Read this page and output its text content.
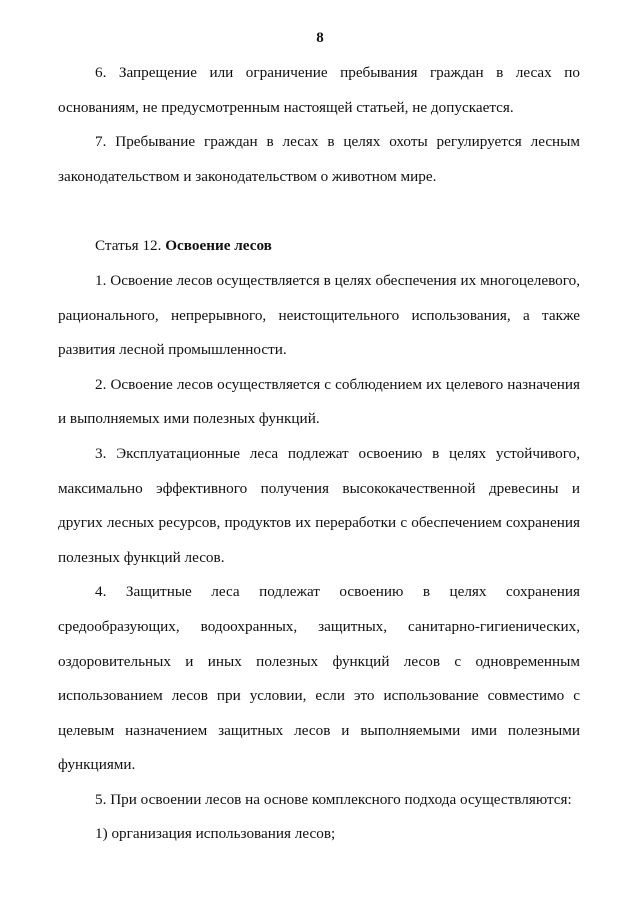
8

6. Запрещение или ограничение пребывания граждан в лесах по основаниям, не предусмотренным настоящей статьей, не допускается.

7. Пребывание граждан в лесах в целях охоты регулируется лесным законодательством и законодательством о животном мире.

Статья 12. Освоение лесов

1. Освоение лесов осуществляется в целях обеспечения их многоцелевого, рационального, непрерывного, неистощительного использования, а также развития лесной промышленности.

2. Освоение лесов осуществляется с соблюдением их целевого назначения и выполняемых ими полезных функций.

3. Эксплуатационные леса подлежат освоению в целях устойчивого, максимально эффективного получения высококачественной древесины и других лесных ресурсов, продуктов их переработки с обеспечением сохранения полезных функций лесов.

4. Защитные леса подлежат освоению в целях сохранения средообразующих, водоохранных, защитных, санитарно-гигиенических, оздоровительных и иных полезных функций лесов с одновременным использованием лесов при условии, если это использование совместимо с целевым назначением защитных лесов и выполняемыми ими полезными функциями.

5. При освоении лесов на основе комплексного подхода осуществляются:

1) организация использования лесов;
